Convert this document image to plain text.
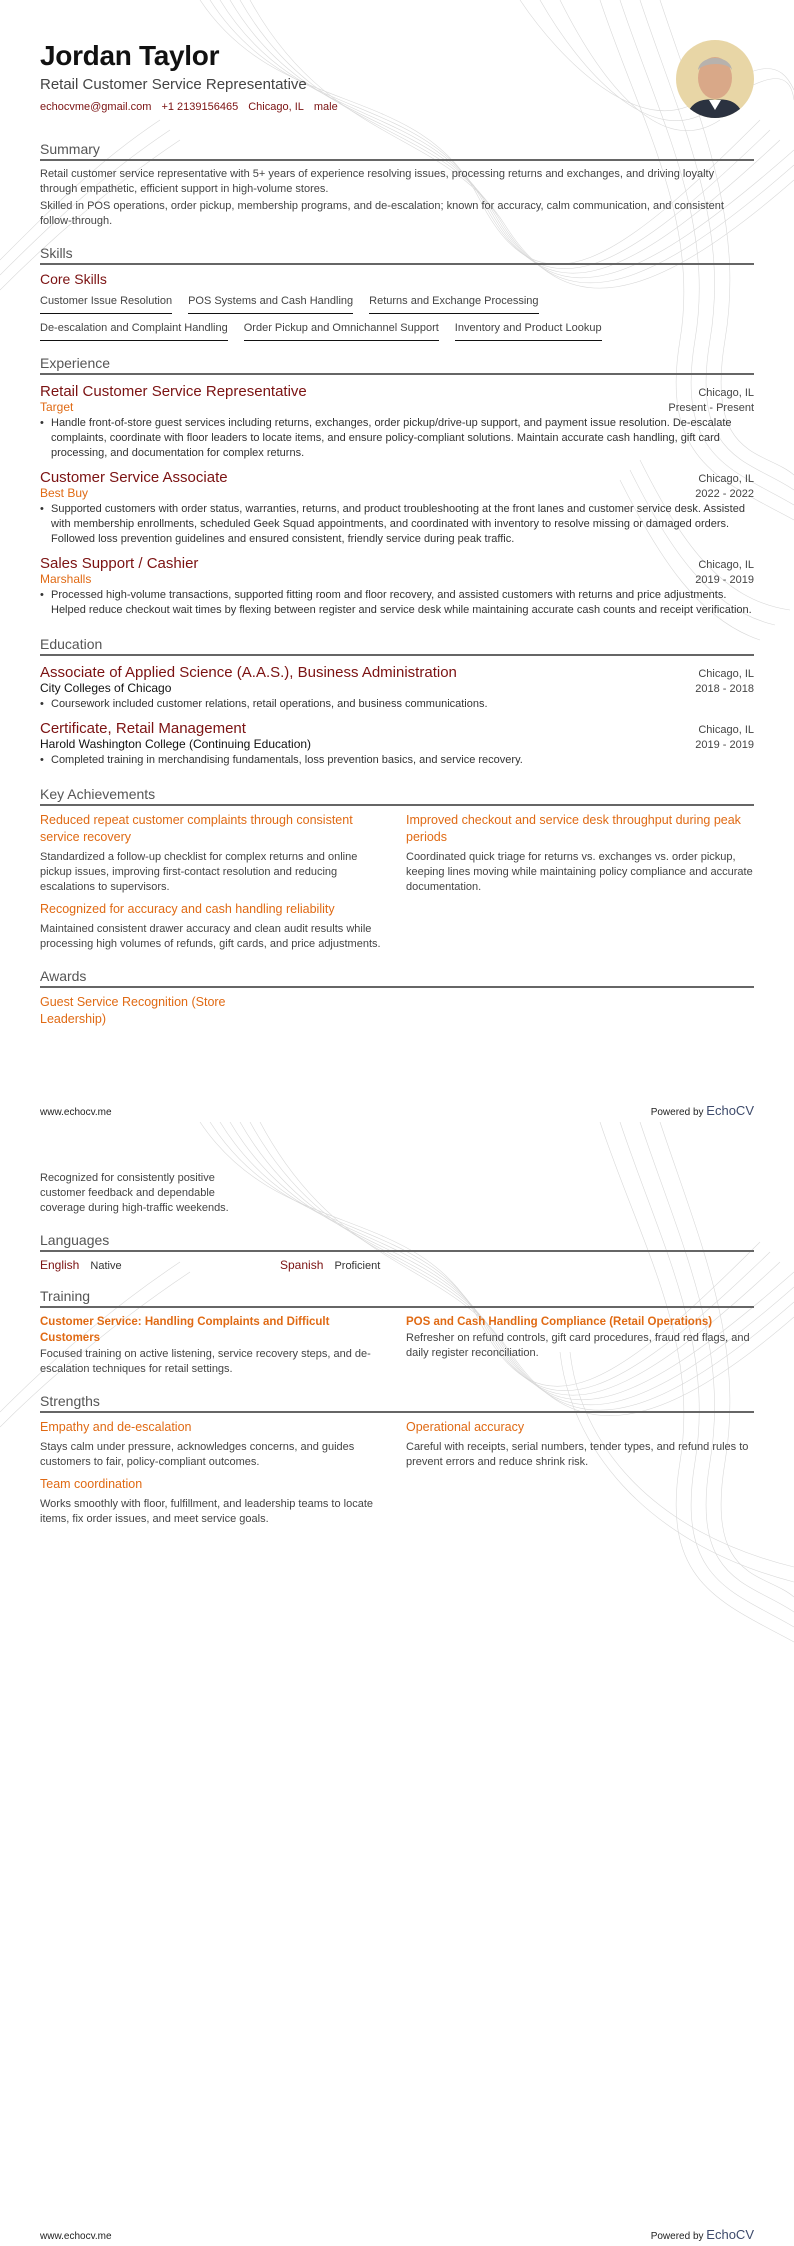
Jordan Taylor
Retail Customer Service Representative
echocvme@gmail.com +1 2139156465 Chicago, IL male
Summary

Retail customer service representative with 5+ years of experience resolving issues, processing returns and exchanges, and driving loyalty through empathetic, efficient support in high-volume stores.

Skilled in POS operations, order pickup, membership programs, and de-escalation; known for accuracy, calm communication, and consistent follow-through.

Skills
Core Skills
Customer Issue Resolution POS Systems and Cash Handling Returns and Exchange Processing
De-escalation and Complaint Handling Order Pickup and Omnichannel Support Inventory and Product Lookup
Experience
Retail Customer Service Representative	Chicago, IL
Target	Present - Present
• Handle front-of-store guest services including returns, exchanges, order pickup/drive-up support, and payment issue resolution. De-escalate complaints, coordinate with floor leaders to locate items, and ensure policy-compliant solutions. Maintain accurate cash handling, gift card processing, and documentation for complex returns.
Customer Service Associate	Chicago, IL
Best Buy	2022 - 2022
• Supported customers with order status, warranties, returns, and product troubleshooting at the front lanes and customer service desk. Assisted with membership enrollments, scheduled Geek Squad appointments, and coordinated with inventory to resolve missing or damaged orders. Followed loss prevention guidelines and ensured consistent, friendly service during peak traffic.
Sales Support / Cashier	Chicago, IL
Marshalls	2019 - 2019
• Processed high-volume transactions, supported fitting room and floor recovery, and assisted customers with returns and price adjustments. Helped reduce checkout wait times by flexing between register and service desk while maintaining accurate cash counts and receipt verification.
Education
Associate of Applied Science (A.A.S.), Business Administration	Chicago, IL
City Colleges of Chicago	2018 - 2018
• Coursework included customer relations, retail operations, and business communications.
Certificate, Retail Management	Chicago, IL
Harold Washington College (Continuing Education)	2019 - 2019
• Completed training in merchandising fundamentals, loss prevention basics, and service recovery.
Key Achievements
Reduced repeat customer complaints through consistent service recovery
Standardized a follow-up checklist for complex returns and online pickup issues, improving first-contact resolution and reducing escalations to supervisors.
Improved checkout and service desk throughput during peak periods
Coordinated quick triage for returns vs. exchanges vs. order pickup, keeping lines moving while maintaining policy compliance and accurate documentation.
Recognized for accuracy and cash handling reliability
Maintained consistent drawer accuracy and clean audit results while processing high volumes of refunds, gift cards, and price adjustments.
Awards
Guest Service Recognition (Store Leadership)
www.echocv.me	Powered by EchoCV
Recognized for consistently positive customer feedback and dependable coverage during high-traffic weekends.
Languages
English Native	Spanish Proficient
Training
Customer Service: Handling Complaints and Difficult Customers
Focused training on active listening, service recovery steps, and de-escalation techniques for retail settings.
POS and Cash Handling Compliance (Retail Operations)
Refresher on refund controls, gift card procedures, fraud red flags, and daily register reconciliation.
Strengths
Empathy and de-escalation
Stays calm under pressure, acknowledges concerns, and guides customers to fair, policy-compliant outcomes.
Operational accuracy
Careful with receipts, serial numbers, tender types, and refund rules to prevent errors and reduce shrink risk.
Team coordination
Works smoothly with floor, fulfillment, and leadership teams to locate items, fix order issues, and meet service goals.
www.echocv.me	Powered by EchoCV
